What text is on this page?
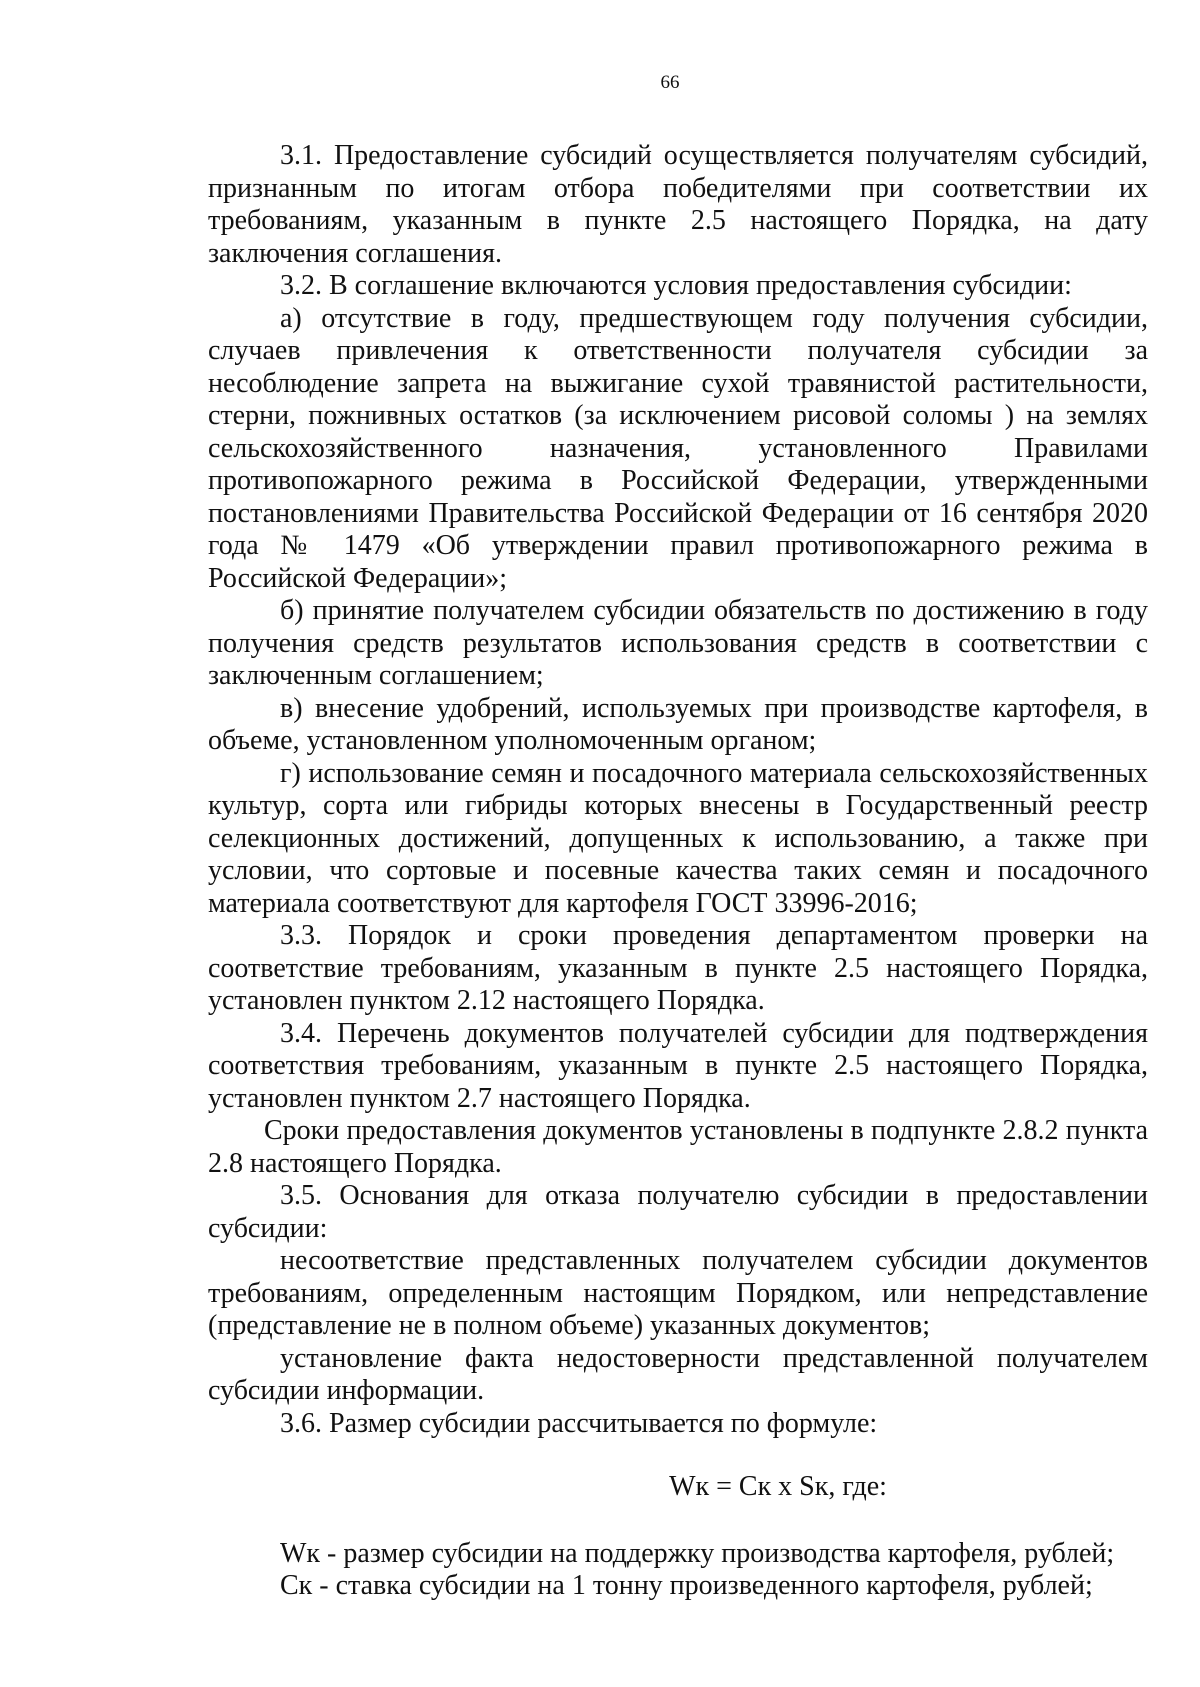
66

3.1. Предоставление субсидий осуществляется получателям субсидий, признанным по итогам отбора победителями при соответствии их требованиям, указанным в пункте 2.5 настоящего Порядка, на дату заключения соглашения.

3.2. В соглашение включаются условия предоставления субсидии:

а) отсутствие в году, предшествующем году получения субсидии, случаев привлечения к ответственности получателя субсидии за несоблюдение запрета на выжигание сухой травянистой растительности, стерни, пожнивных остатков (за исключением рисовой соломы ) на землях сельскохозяйственного назначения, установленного Правилами противопожарного режима в Российской Федерации, утвержденными постановлениями Правительства Российской Федерации от 16 сентября 2020 года № 1479 «Об утверждении правил противопожарного режима в Российской Федерации»;

б) принятие получателем субсидии обязательств по достижению в году получения средств результатов использования средств в соответствии с заключенным соглашением;

в) внесение удобрений, используемых при производстве картофеля, в объеме, установленном уполномоченным органом;

г) использование семян и посадочного материала сельскохозяйственных культур, сорта или гибриды которых внесены в Государственный реестр селекционных достижений, допущенных к использованию, а также при условии, что сортовые и посевные качества таких семян и посадочного материала соответствуют для картофеля ГОСТ 33996-2016;

3.3. Порядок и сроки проведения департаментом проверки на соответствие требованиям, указанным в пункте 2.5 настоящего Порядка, установлен пунктом 2.12 настоящего Порядка.

3.4. Перечень документов получателей субсидии для подтверждения соответствия требованиям, указанным в пункте 2.5 настоящего Порядка, установлен пунктом 2.7 настоящего Порядка.

Сроки предоставления документов установлены в подпункте 2.8.2 пункта 2.8 настоящего Порядка.

3.5. Основания для отказа получателю субсидии в предоставлении субсидии:

несоответствие представленных получателем субсидии документов требованиям, определенным настоящим Порядком, или непредставление (представление не в полном объеме) указанных документов;

установление факта недостоверности представленной получателем субсидии информации.

3.6. Размер субсидии рассчитывается по формуле:

Wк = Ск х Sк, где:

Wк - размер субсидии на поддержку производства картофеля, рублей;

Ск - ставка субсидии на 1 тонну произведенного картофеля, рублей;
